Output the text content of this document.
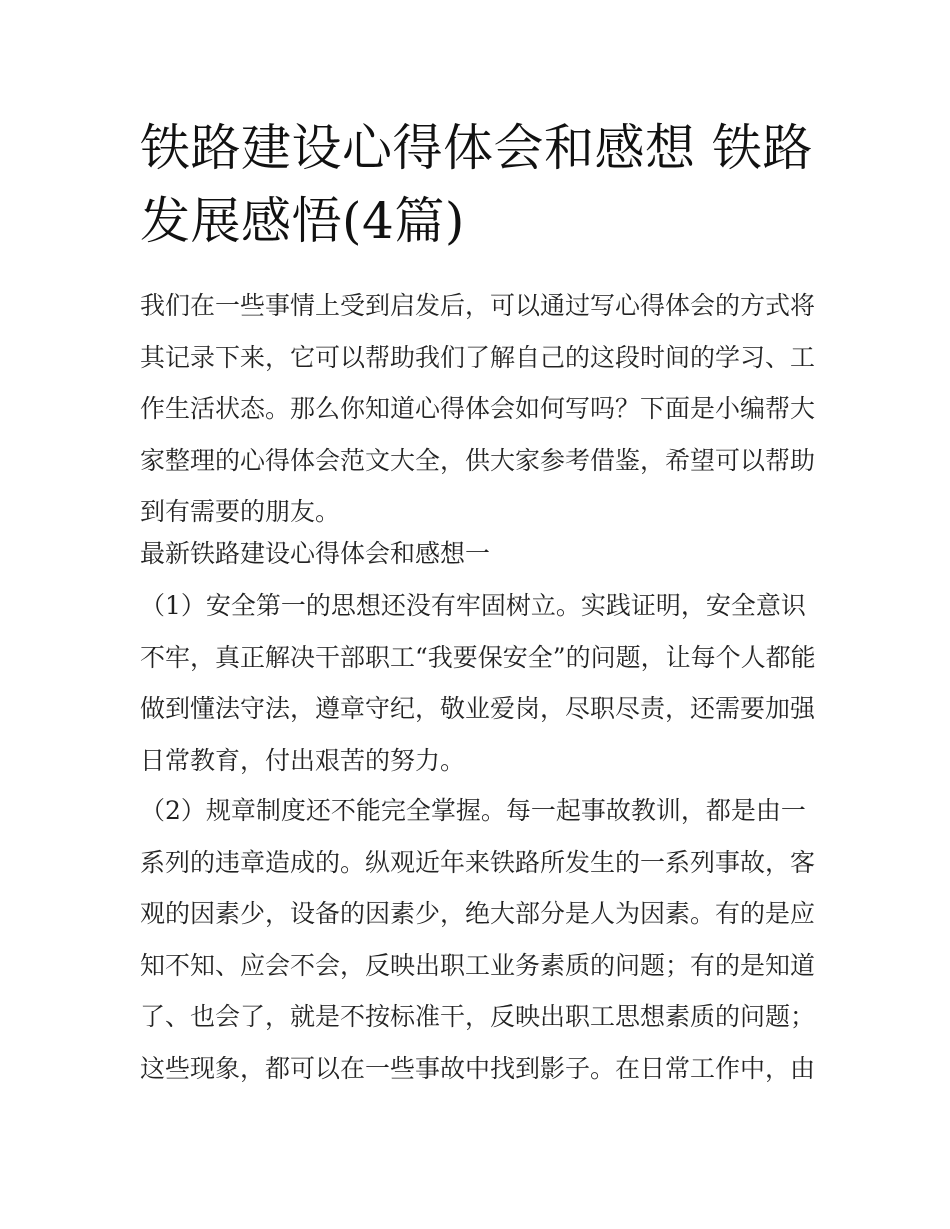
铁路建设心得体会和感想 铁路
发展感悟(4篇)

我们在一些事情上受到启发后，可以通过写心得体会的方式将
其记录下来，它可以帮助我们了解自己的这段时间的学习、工
作生活状态。那么你知道心得体会如何写吗？下面是小编帮大
家整理的心得体会范文大全，供大家参考借鉴，希望可以帮助
到有需要的朋友。

最新铁路建设心得体会和感想一

（1）安全第一的思想还没有牢固树立。实践证明，安全意识
不牢，真正解决干部职工“我要保安全”的问题，让每个人都能
做到懂法守法，遵章守纪，敬业爱岗，尽职尽责，还需要加强
日常教育，付出艰苦的努力。

（2）规章制度还不能完全掌握。每一起事故教训，都是由一
系列的违章造成的。纵观近年来铁路所发生的一系列事故，客
观的因素少，设备的因素少，绝大部分是人为因素。有的是应
知不知、应会不会，反映出职工业务素质的问题；有的是知道
了、也会了，就是不按标准干，反映出职工思想素质的问题；
这些现象，都可以在一些事故中找到影子。在日常工作中，由
